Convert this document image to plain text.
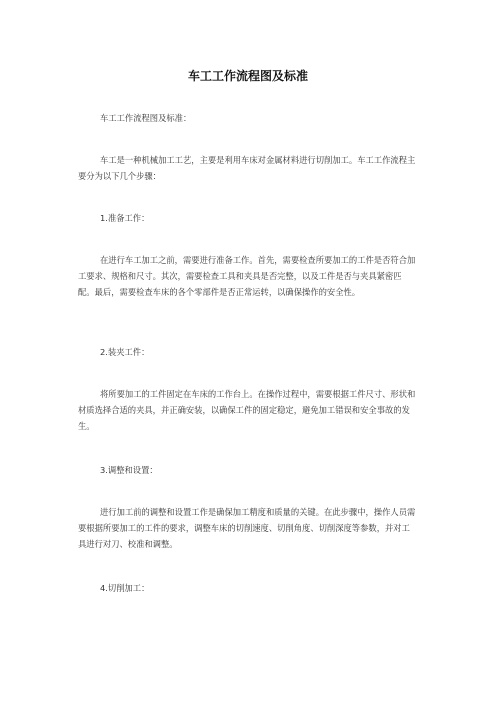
车工工作流程图及标准
车工工作流程图及标准：
车工是一种机械加工工艺，主要是利用车床对金属材料进行切削加工。车工工作流程主要分为以下几个步骤：
1.准备工作：
在进行车工加工之前，需要进行准备工作。首先，需要检查所要加工的工件是否符合加工要求、规格和尺寸。其次，需要检查工具和夹具是否完整，以及工件是否与夹具紧密匹配。最后，需要检查车床的各个零部件是否正常运转，以确保操作的安全性。
2.装夹工件：
将所要加工的工件固定在车床的工作台上。在操作过程中，需要根据工件尺寸、形状和材质选择合适的夹具，并正确安装，以确保工件的固定稳定，避免加工错误和安全事故的发生。
3.调整和设置：
进行加工前的调整和设置工作是确保加工精度和质量的关键。在此步骤中，操作人员需要根据所要加工的工件的要求，调整车床的切削速度、切削角度、切削深度等参数，并对工具进行对刀、校准和调整。
4.切削加工：
